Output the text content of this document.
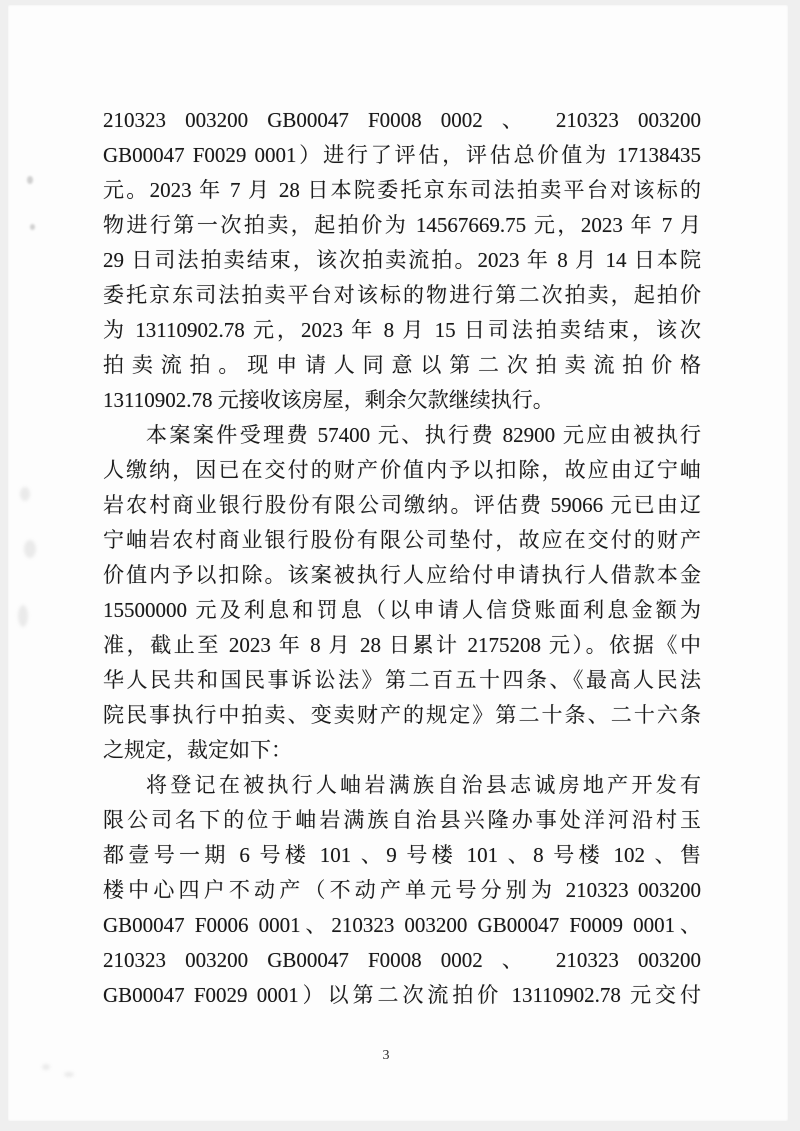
210323 003200 GB00047 F0008 0002 、 210323 003200
GB00047 F0029 0001）进行了评估，评估总价值为 17138435
元。2023 年 7 月 28 日本院委托京东司法拍卖平台对该标的
物进行第一次拍卖，起拍价为 14567669.75 元，2023 年 7 月
29 日司法拍卖结束，该次拍卖流拍。2023 年 8 月 14 日本院
委托京东司法拍卖平台对该标的物进行第二次拍卖，起拍价
为 13110902.78 元，2023 年 8 月 15 日司法拍卖结束，该次
拍卖流拍。现申请人同意以第二次拍卖流拍价格
13110902.78 元接收该房屋，剩余欠款继续执行。
本案案件受理费 57400 元、执行费 82900 元应由被执行
人缴纳，因已在交付的财产价值内予以扣除，故应由辽宁岫
岩农村商业银行股份有限公司缴纳。评估费 59066 元已由辽
宁岫岩农村商业银行股份有限公司垫付，故应在交付的财产
价值内予以扣除。该案被执行人应给付申请执行人借款本金
15500000 元及利息和罚息（以申请人信贷账面利息金额为
准，截止至 2023 年 8 月 28 日累计 2175208 元）。依据《中
华人民共和国民事诉讼法》第二百五十四条、《最高人民法
院民事执行中拍卖、变卖财产的规定》第二十条、二十六条
之规定，裁定如下：
将登记在被执行人岫岩满族自治县志诚房地产开发有
限公司名下的位于岫岩满族自治县兴隆办事处洋河沿村玉
都壹号一期 6 号楼 101 、9 号楼 101 、8 号楼 102 、售
楼中心四户不动产（不动产单元号分别为 210323 003200
GB00047 F0006 0001、210323 003200 GB00047 F0009 0001、
210323 003200 GB00047 F0008 0002 、 210323 003200
GB00047 F0029 0001）以第二次流拍价 13110902.78 元交付
3
